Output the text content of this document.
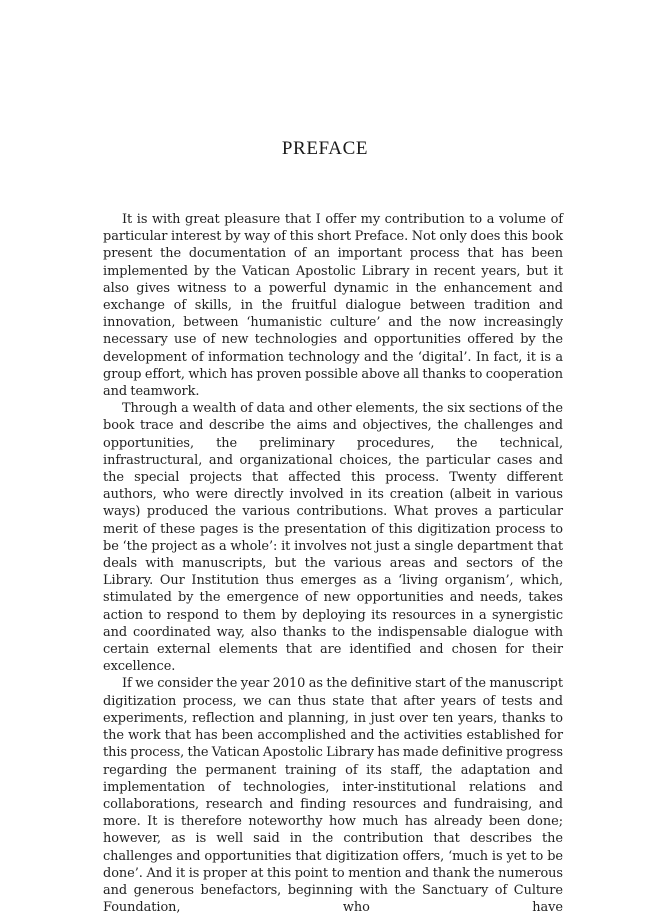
PREFACE

It is with great pleasure that I offer my contribution to a volume of particular interest by way of this short Preface. Not only does this book present the documentation of an important process that has been implemented by the Vatican Apostolic Library in recent years, but it also gives witness to a powerful dynamic in the enhancement and exchange of skills, in the fruitful dialogue between tradition and innovation, between ‘humanistic culture’ and the now increasingly necessary use of new technologies and opportunities offered by the development of information technology and the ‘digital’. In fact, it is a group effort, which has proven possible above all thanks to cooperation and teamwork.

Through a wealth of data and other elements, the six sections of the book trace and describe the aims and objectives, the challenges and opportunities, the preliminary procedures, the technical, infrastructural, and organizational choices, the particular cases and the special projects that affected this process. Twenty different authors, who were directly involved in its creation (albeit in various ways) produced the various contributions. What proves a particular merit of these pages is the presentation of this digitization process to be ‘the project as a whole’: it involves not just a single department that deals with manuscripts, but the various areas and sectors of the Library. Our Institution thus emerges as a ‘living organism’, which, stimulated by the emergence of new opportunities and needs, takes action to respond to them by deploying its resources in a synergistic and coordinated way, also thanks to the indispensable dialogue with certain external elements that are identified and chosen for their excellence.

If we consider the year 2010 as the definitive start of the manuscript digitization process, we can thus state that after years of tests and experiments, reflection and planning, in just over ten years, thanks to the work that has been accomplished and the activities established for this process, the Vatican Apostolic Library has made definitive progress regarding the permanent training of its staff, the adaptation and implementation of technologies, inter-institutional relations and collaborations, research and finding resources and fundraising, and more. It is therefore noteworthy how much has already been done; however, as is well said in the contribution that describes the challenges and opportunities that digitization offers, ‘much is yet to be done’. And it is proper at this point to mention and thank the numerous and generous benefactors, beginning with the Sanctuary of Culture Foundation, who have
